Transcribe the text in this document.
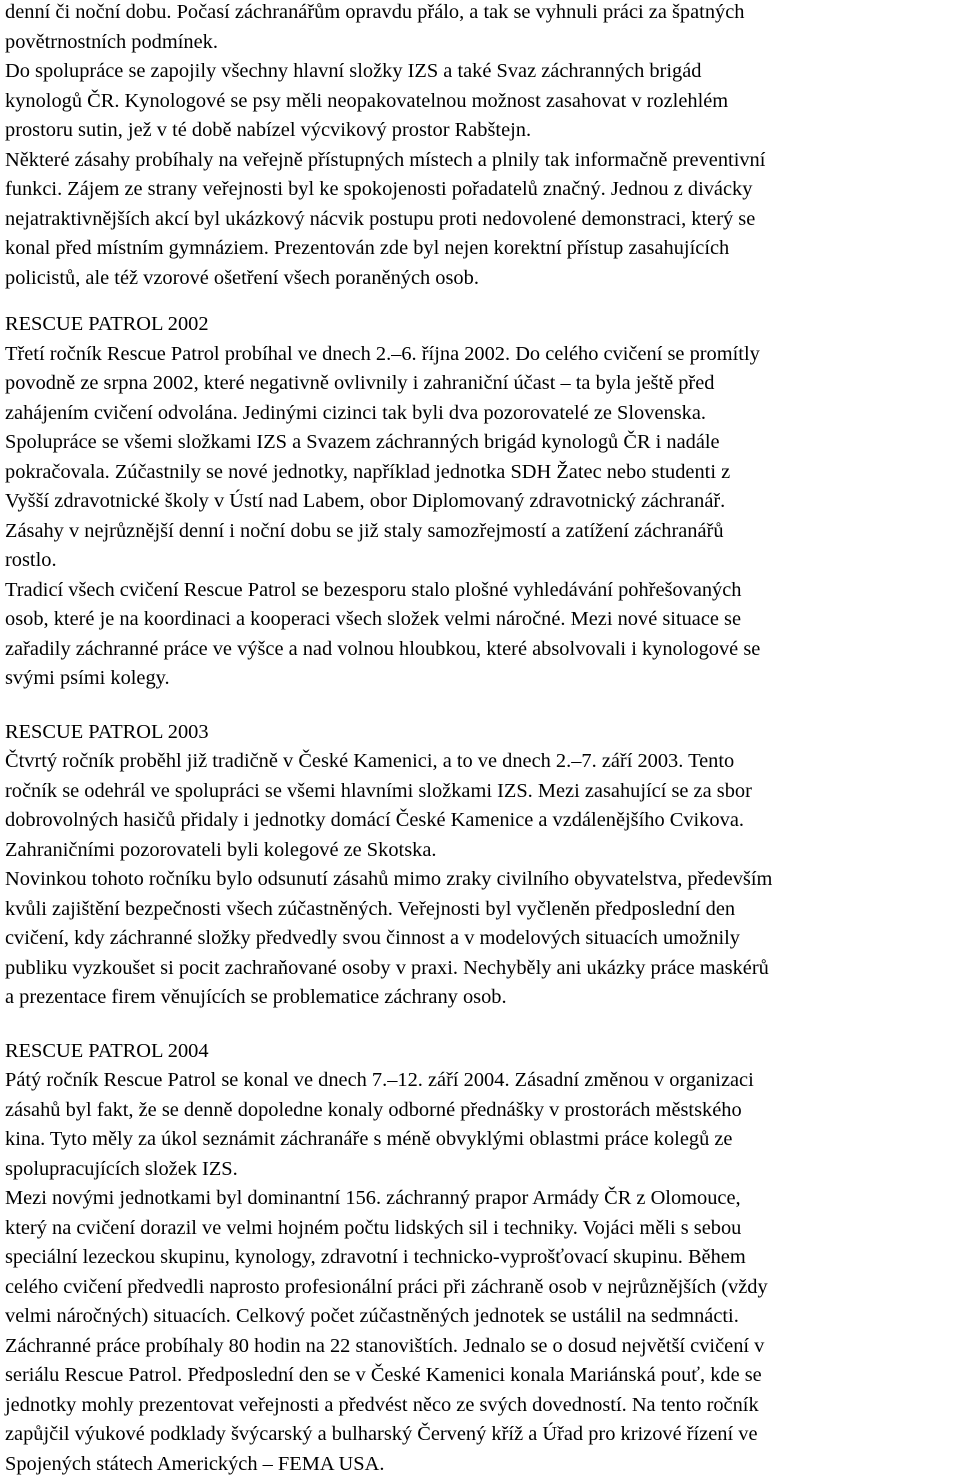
denní či noční dobu. Počasí záchranářům opravdu přálo, a tak se vyhnuli práci za špatných
povětrnostních podmínek.

Do spolupráce se zapojily všechny hlavní složky IZS a také Svaz záchranných brigád
kynologů ČR. Kynologové se psy měli neopakovatelnou možnost zasahovat v rozlehlém
prostoru sutin, jež v té době nabízel výcvikový prostor Rabštejn.

Některé zásahy probíhaly na veřejně přístupných místech a plnily tak informačně preventivní
funkci. Zájem ze strany veřejnosti byl ke spokojenosti pořadatelů značný. Jednou z divácky
nejatraktivnějších akcí byl ukázkový nácvik postupu proti nedovolené demonstraci, který se
konal před místním gymnáziem. Prezentován zde byl nejen korektní přístup zasahujících
policistů, ale též vzorové ošetření všech poraněných osob.

RESCUE PATROL 2002

Třetí ročník Rescue Patrol probíhal ve dnech 2.–6. října 2002. Do celého cvičení se promítly
povodně ze srpna 2002, které negativně ovlivnily i zahraniční účast – ta byla ještě před
zahájením cvičení odvolána. Jedinými cizinci tak byli dva pozorovatelé ze Slovenska.

Spolupráce se všemi složkami IZS a Svazem záchranných brigád kynologů ČR i nadále
pokračovala. Zúčastnily se nové jednotky, například jednotka SDH Žatec nebo studenti z
Vyšší zdravotnické školy v Ústí nad Labem, obor Diplomovaný zdravotnický záchranář.

Zásahy v nejrůznější denní i noční dobu se již staly samozřejmostí a zatížení záchranářů
rostlo.

Tradicí všech cvičení Rescue Patrol se bezesporu stalo plošné vyhledávání pohřešovaných
osob, které je na koordinaci a kooperaci všech složek velmi náročné. Mezi nové situace se
zařadily záchranné práce ve výšce a nad volnou hloubkou, které absolvovali i kynologové se
svými psími kolegy.

RESCUE PATROL 2003

Čtvrtý ročník proběhl již tradičně v České Kamenici, a to ve dnech 2.–7. září 2003. Tento
ročník se odehrál ve spolupráci se všemi hlavními složkami IZS. Mezi zasahující se za sbor
dobrovolných hasičů přidaly i jednotky domácí České Kamenice a vzdálenějšího Cvikova.
Zahraničními pozorovateli byli kolegové ze Skotska.

Novinkou tohoto ročníku bylo odsunutí zásahů mimo zraky civilního obyvatelstva, především
kvůli zajištění bezpečnosti všech zúčastněných. Veřejnosti byl vyčleněn předposlední den
cvičení, kdy záchranné složky předvedly svou činnost a v modelových situacích umožnily
publiku vyzkoušet si pocit zachraňované osoby v praxi. Nechyběly ani ukázky práce maskérů
a prezentace firem věnujících se problematice záchrany osob.

RESCUE PATROL 2004

Pátý ročník Rescue Patrol se konal ve dnech 7.–12. září 2004. Zásadní změnou v organizaci
zásahů byl fakt, že se denně dopoledne konaly odborné přednášky v prostorách městského
kina. Tyto měly za úkol seznámit záchranáře s méně obvyklými oblastmi práce kolegů ze
spolupracujících složek IZS.

Mezi novými jednotkami byl dominantní 156. záchranný prapor Armády ČR z Olomouce,
který na cvičení dorazil ve velmi hojném počtu lidských sil i techniky. Vojáci měli s sebou
speciální lezeckou skupinu, kynology, zdravotní i technicko-vyprošťovací skupinu. Během
celého cvičení předvedli naprosto profesionální práci při záchraně osob v nejrůznějších (vždy
velmi náročných) situacích. Celkový počet zúčastněných jednotek se ustálil na sedmnácti.
Záchranné práce probíhaly 80 hodin na 22 stanovištích. Jednalo se o dosud největší cvičení v
seriálu Rescue Patrol. Předposlední den se v České Kamenici konala Mariánská pouť, kde se
jednotky mohly prezentovat veřejnosti a předvést něco ze svých dovedností. Na tento ročník
zapůjčil výukové podklady švýcarský a bulharský Červený kříž a Úřad pro krizové řízení ve
Spojených státech Amerických – FEMA USA.
